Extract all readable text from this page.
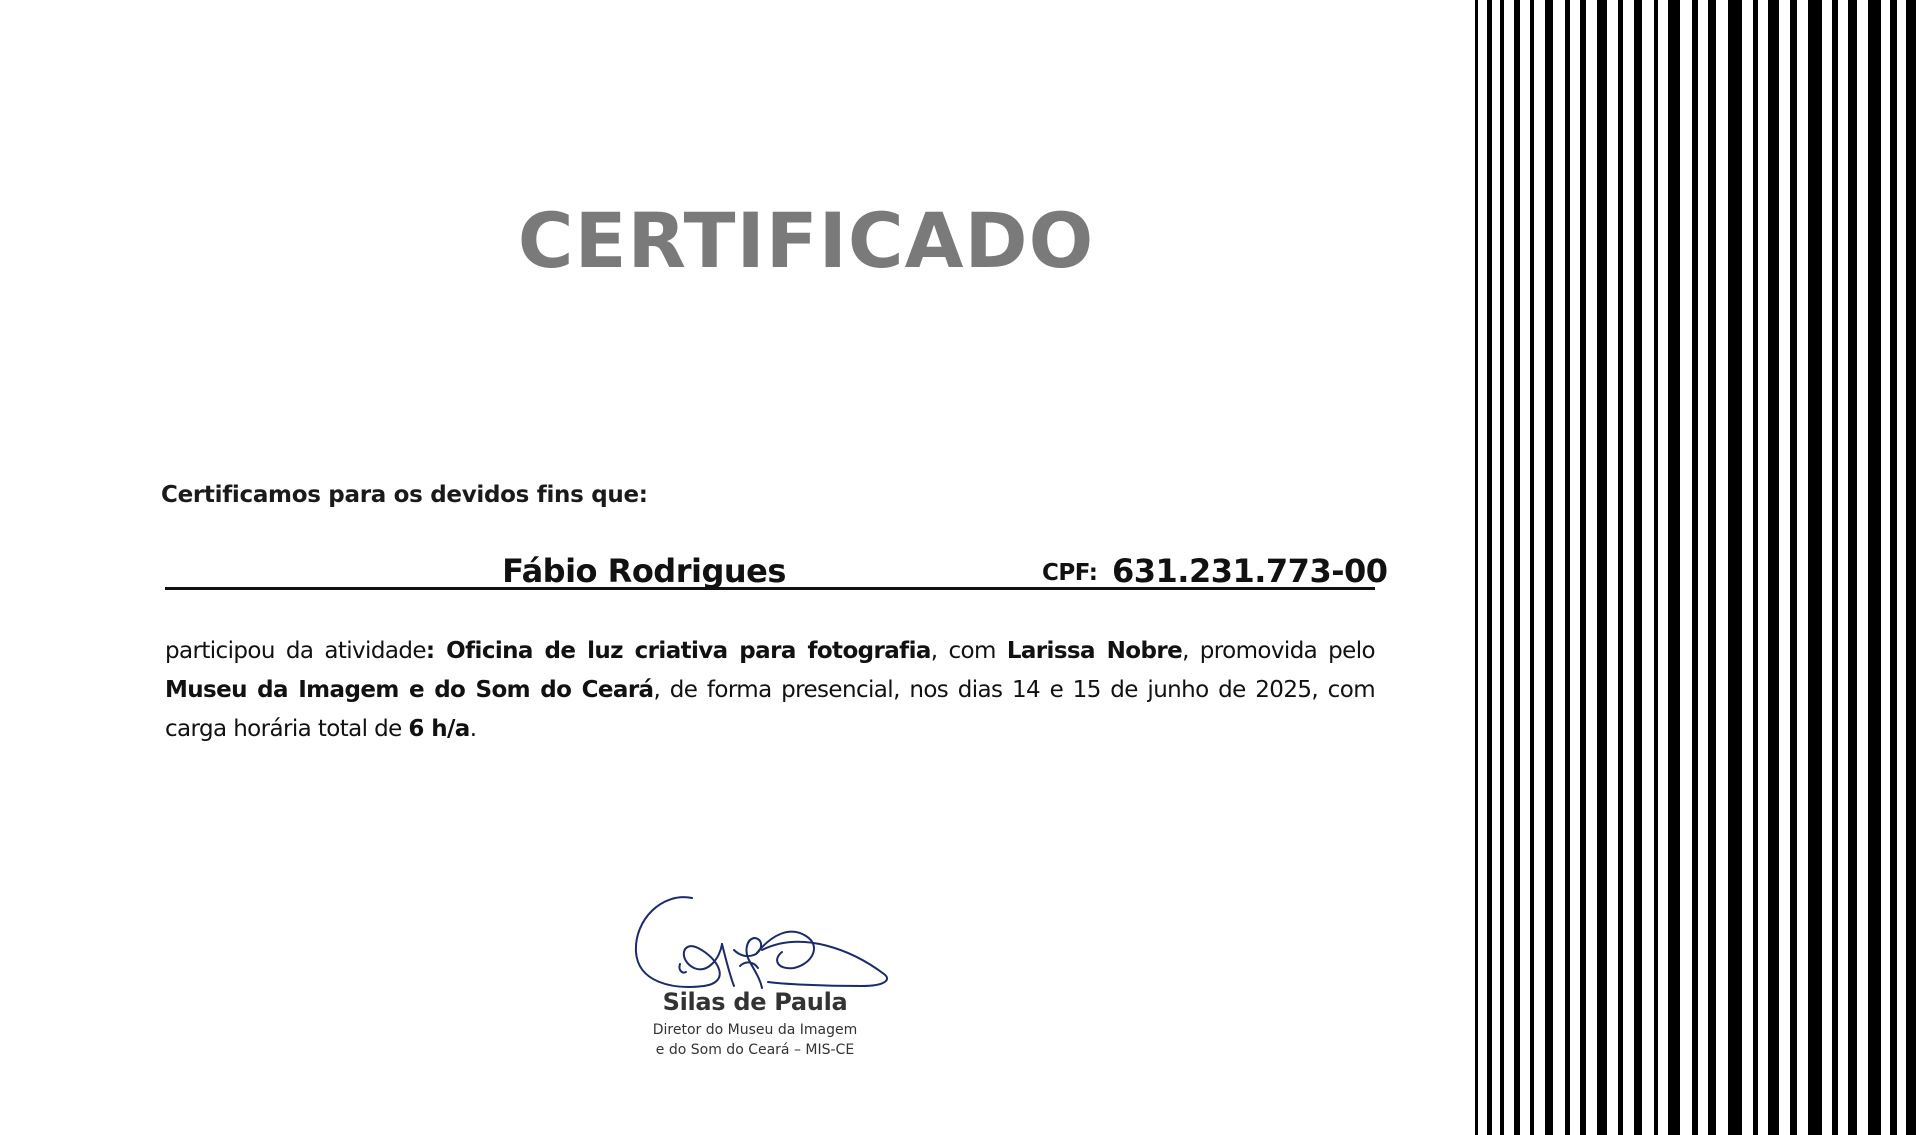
CERTIFICADO
Certificamos para os devidos fins que:
Fábio Rodrigues	CPF: 631.231.773-00
participou da atividade: Oficina de luz criativa para fotografia, com Larissa Nobre, promovida pelo Museu da Imagem e do Som do Ceará, de forma presencial, nos dias 14 e 15 de junho de 2025, com carga horária total de 6 h/a.
Silas de Paula
Diretor do Museu da Imagem
e do Som do Ceará – MIS-CE
